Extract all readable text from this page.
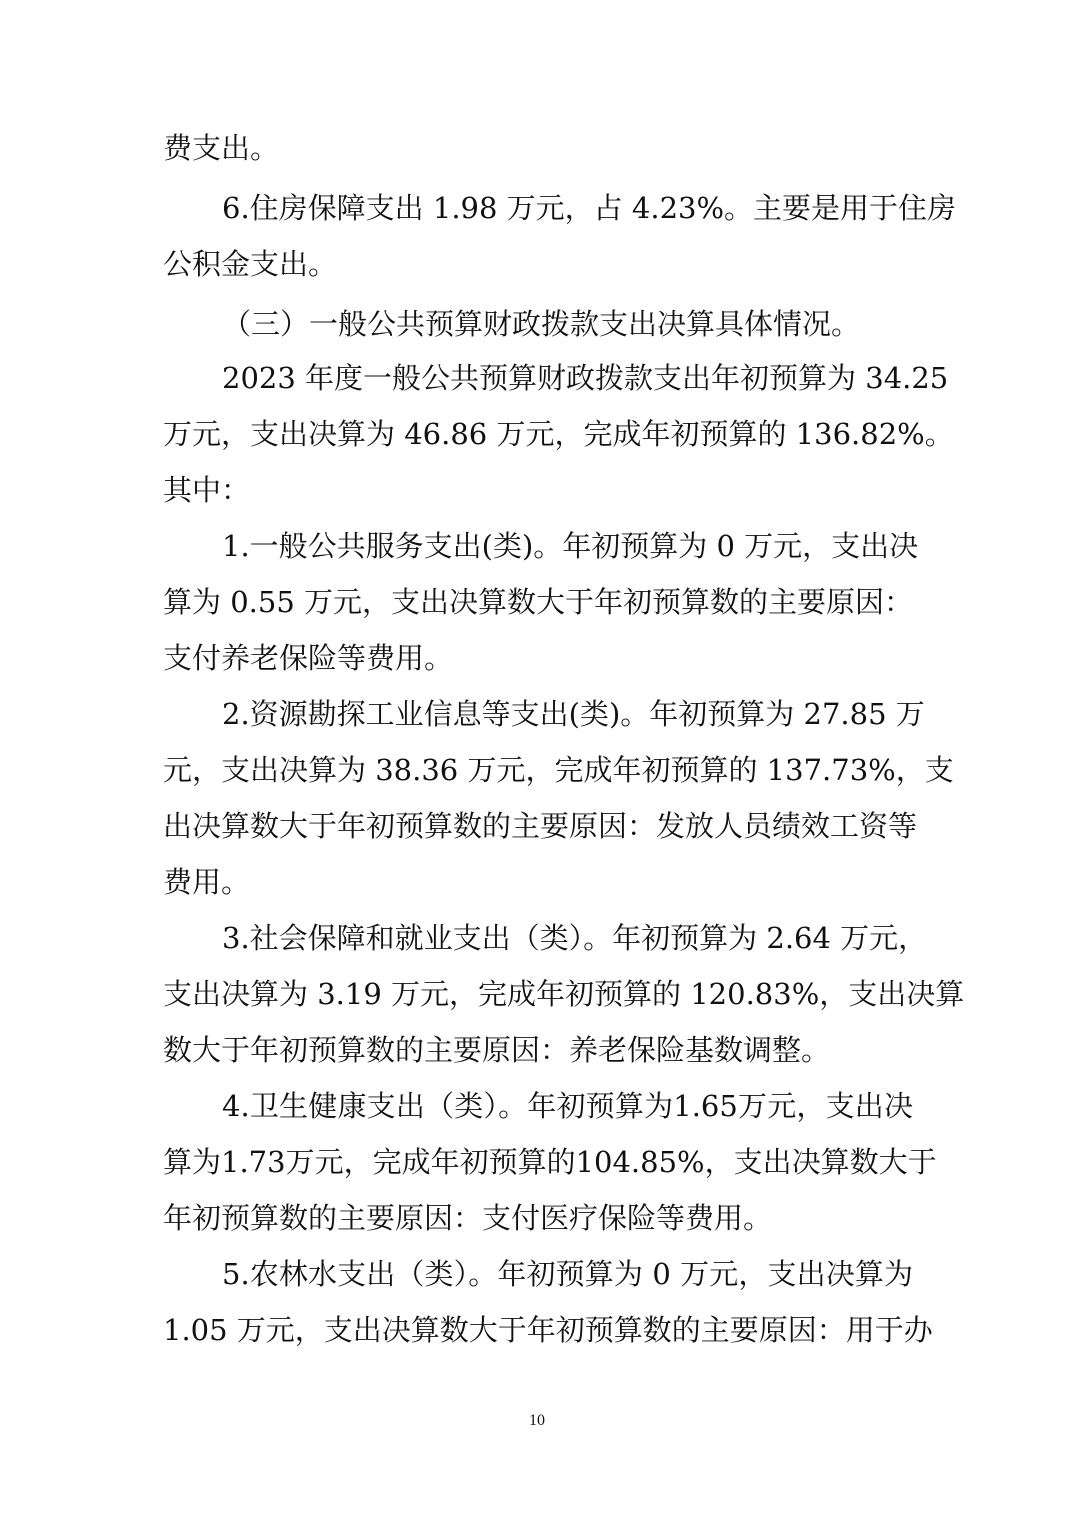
费支出。
6.住房保障支出 1.98 万元，占 4.23%。主要是用于住房
公积金支出。
（三）一般公共预算财政拨款支出决算具体情况。
2023 年度一般公共预算财政拨款支出年初预算为 34.25
万元，支出决算为 46.86 万元，完成年初预算的 136.82%。
其中：
1.一般公共服务支出(类)。年初预算为 0 万元，支出决
算为 0.55 万元，支出决算数大于年初预算数的主要原因：
支付养老保险等费用。
2.资源勘探工业信息等支出(类)。年初预算为 27.85 万
元，支出决算为 38.36 万元，完成年初预算的 137.73%，支
出决算数大于年初预算数的主要原因：发放人员绩效工资等
费用。
3.社会保障和就业支出（类）。年初预算为 2.64 万元，
支出决算为 3.19 万元，完成年初预算的 120.83%，支出决算
数大于年初预算数的主要原因：养老保险基数调整。
4.卫生健康支出（类）。年初预算为1.65万元，支出决
算为1.73万元，完成年初预算的104.85%，支出决算数大于
年初预算数的主要原因：支付医疗保险等费用。
5.农林水支出（类）。年初预算为 0 万元，支出决算为
1.05 万元，支出决算数大于年初预算数的主要原因：用于办
10
